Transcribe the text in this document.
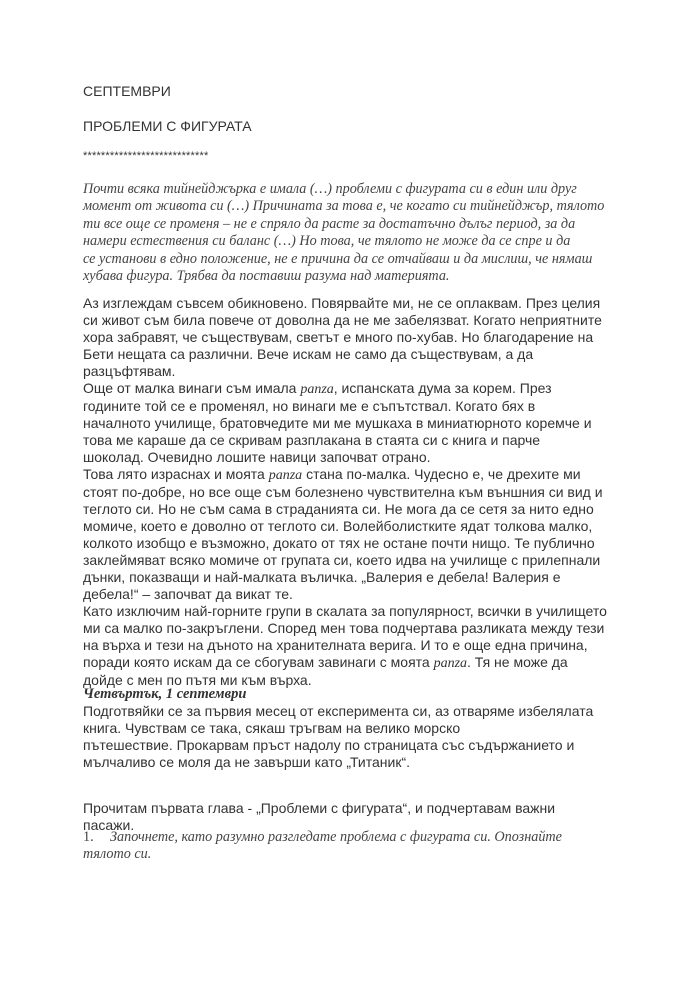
СЕПТЕМВРИ

ПРОБЛЕМИ С ФИГУРАТА

****************************

Почти всяка тийнейджърка е имала (…) проблеми с фигурата си в един или друг
момент от живота си (…) Причината за това е, че когато си тийнейджър, тялото
ти все още се променя – не е спряло да расте за достатъчно дълъг период, за да
намери естествения си баланс (…) Но това, че тялото не може да се спре и да
се установи в едно положение, не е причина да се отчайваш и да мислиш, че нямаш
хубава фигура. Трябва да поставиш разума над материята.
Аз изглеждам съвсем обикновено. Повярвайте ми, не се оплаквам. През целия
си живот съм била повече от доволна да не ме забелязват. Когато неприятните
хора забравят, че съществувам, светът е много по-хубав. Но благодарение на
Бети нещата са различни. Вече искам не само да съществувам, а да
разцъфтявам.
Още от малка винаги съм имала panza, испанската дума за корем. През
годините той се е променял, но винаги ме е съпътствал. Когато бях в
началното училище, братовчедите ми ме мушкаха в миниатюрното коремче и
това ме караше да се скривам разплакана в стаята си с книга и парче
шоколад. Очевидно лошите навици започват отрано.
Това лято израснах и моята panza стана по-малка. Чудесно е, че дрехите ми
стоят по-добре, но все още съм болезнено чувствителна към външния си вид и
теглото си. Но не съм сама в страданията си. Не мога да се сетя за нито едно
момиче, което е доволно от теглото си. Волейболистките ядат толкова малко,
колкото изобщо е възможно, докато от тях не остане почти нищо. Те публично
заклеймяват всяко момиче от групата си, което идва на училище с прилепнали
дънки, показващи и най-малката въличка. „Валерия е дебела! Валерия е
дебела!“ – започват да викат те.
Като изключим най-горните групи в скалата за популярност, всички в училището
ми са малко по-закръглени. Според мен това подчертава разликата между тези
на върха и тези на дъното на хранителната верига. И то е още една причина,
поради която искам да се сбогувам завинаги с моята panza. Тя не може да
дойде с мен по пътя ми към върха.

Четвъртък, 1 септември

Подготвяйки се за първия месец от експеримента си, аз отваряме избелялата
книга. Чувствам се така, сякаш тръгвам на велико морско
пътешествие. Прокарвам пръст надолу по страницата със съдържанието и
мълчаливо се моля да не завърши като „Титаник“.
Прочитам първата глава - „Проблеми с фигурата“, и подчертавам важни
пасажи.
1. Започнете, като разумно разгледате проблема с фигурата си. Опознайте
тялото си.
